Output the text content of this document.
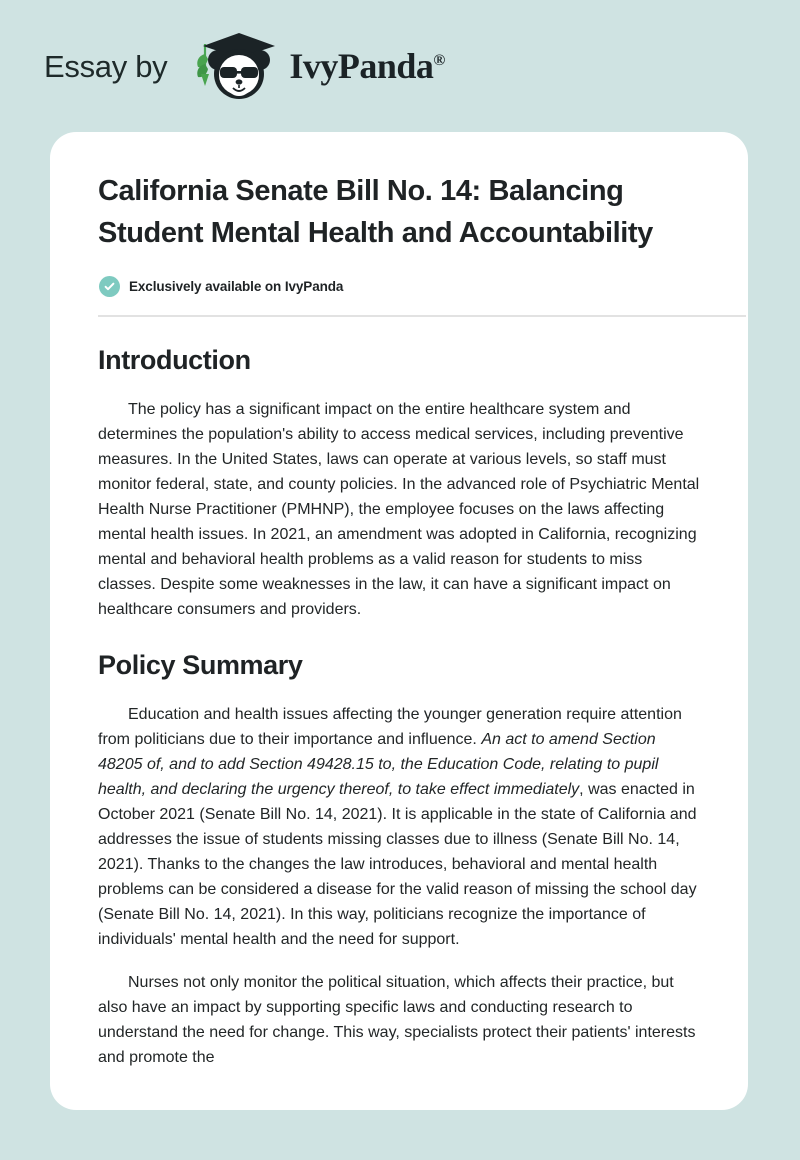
Essay by	IvyPanda®
California Senate Bill No. 14: Balancing Student Mental Health and Accountability
Exclusively available on IvyPanda
Introduction

The policy has a significant impact on the entire healthcare system and determines the population's ability to access medical services, including preventive measures. In the United States, laws can operate at various levels, so staff must monitor federal, state, and county policies. In the advanced role of Psychiatric Mental Health Nurse Practitioner (PMHNP), the employee focuses on the laws affecting mental health issues. In 2021, an amendment was adopted in California, recognizing mental and behavioral health problems as a valid reason for students to miss classes. Despite some weaknesses in the law, it can have a significant impact on healthcare consumers and providers.

Policy Summary

Education and health issues affecting the younger generation require attention from politicians due to their importance and influence. An act to amend Section 48205 of, and to add Section 49428.15 to, the Education Code, relating to pupil health, and declaring the urgency thereof, to take effect immediately, was enacted in October 2021 (Senate Bill No. 14, 2021). It is applicable in the state of California and addresses the issue of students missing classes due to illness (Senate Bill No. 14, 2021). Thanks to the changes the law introduces, behavioral and mental health problems can be considered a disease for the valid reason of missing the school day (Senate Bill No. 14, 2021). In this way, politicians recognize the importance of individuals' mental health and the need for support.

Nurses not only monitor the political situation, which affects their practice, but also have an impact by supporting specific laws and conducting research to understand the need for change. This way, specialists protect their patients' interests and promote the
